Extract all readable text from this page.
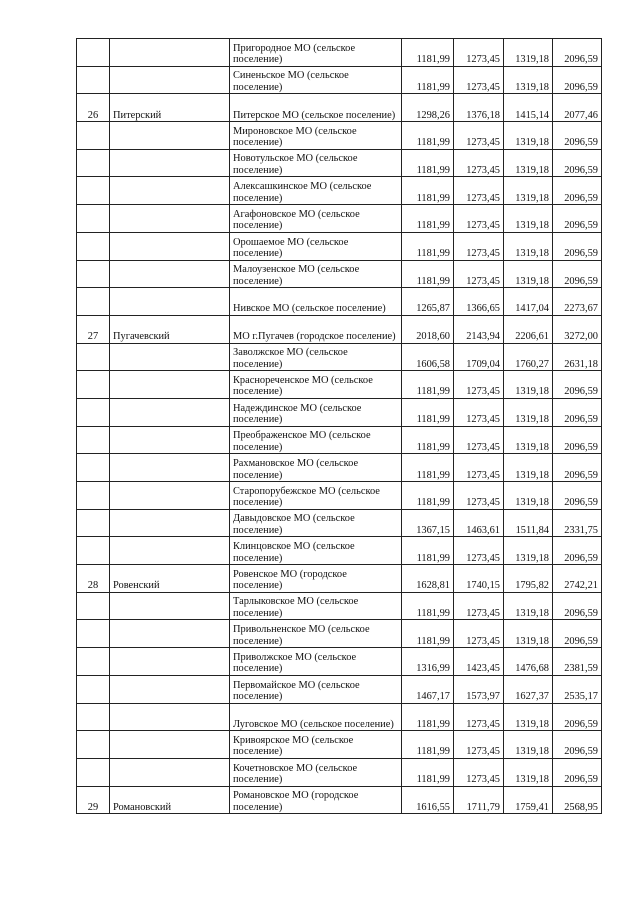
		Пригородное МО (сельское поселение)	1181,99	1273,45	1319,18	2096,59
		Синеньское МО (сельское поселение)	1181,99	1273,45	1319,18	2096,59
26	Питерский	Питерское МО (сельское поселение)	1298,26	1376,18	1415,14	2077,46
		Мироновское МО (сельское поселение)	1181,99	1273,45	1319,18	2096,59
		Новотульское МО (сельское поселение)	1181,99	1273,45	1319,18	2096,59
		Алексашкинское МО (сельское поселение)	1181,99	1273,45	1319,18	2096,59
		Агафоновское МО (сельское поселение)	1181,99	1273,45	1319,18	2096,59
		Орошаемое МО (сельское поселение)	1181,99	1273,45	1319,18	2096,59
		Малоузенское МО (сельское поселение)	1181,99	1273,45	1319,18	2096,59
		Нивское МО (сельское поселение)	1265,87	1366,65	1417,04	2273,67
27	Пугачевский	МО г.Пугачев (городское поселение)	2018,60	2143,94	2206,61	3272,00
		Заволжское МО (сельское поселение)	1606,58	1709,04	1760,27	2631,18
		Краснореченское МО (сельское поселение)	1181,99	1273,45	1319,18	2096,59
		Надеждинское МО (сельское поселение)	1181,99	1273,45	1319,18	2096,59
		Преображенское МО (сельское поселение)	1181,99	1273,45	1319,18	2096,59
		Рахмановское МО (сельское поселение)	1181,99	1273,45	1319,18	2096,59
		Старопорубежское МО (сельское поселение)	1181,99	1273,45	1319,18	2096,59
		Давыдовское МО (сельское поселение)	1367,15	1463,61	1511,84	2331,75
		Клинцовское МО (сельское поселение)	1181,99	1273,45	1319,18	2096,59
28	Ровенский	Ровенское МО (городское поселение)	1628,81	1740,15	1795,82	2742,21
		Тарлыковское МО (сельское поселение)	1181,99	1273,45	1319,18	2096,59
		Привольненское МО (сельское поселение)	1181,99	1273,45	1319,18	2096,59
		Приволжское МО (сельское поселение)	1316,99	1423,45	1476,68	2381,59
		Первомайское МО (сельское поселение)	1467,17	1573,97	1627,37	2535,17
		Луговское МО (сельское поселение)	1181,99	1273,45	1319,18	2096,59
		Кривоярское МО (сельское поселение)	1181,99	1273,45	1319,18	2096,59
		Кочетновское МО (сельское поселение)	1181,99	1273,45	1319,18	2096,59
29	Романовский	Романовское МО (городское поселение)	1616,55	1711,79	1759,41	2568,95
